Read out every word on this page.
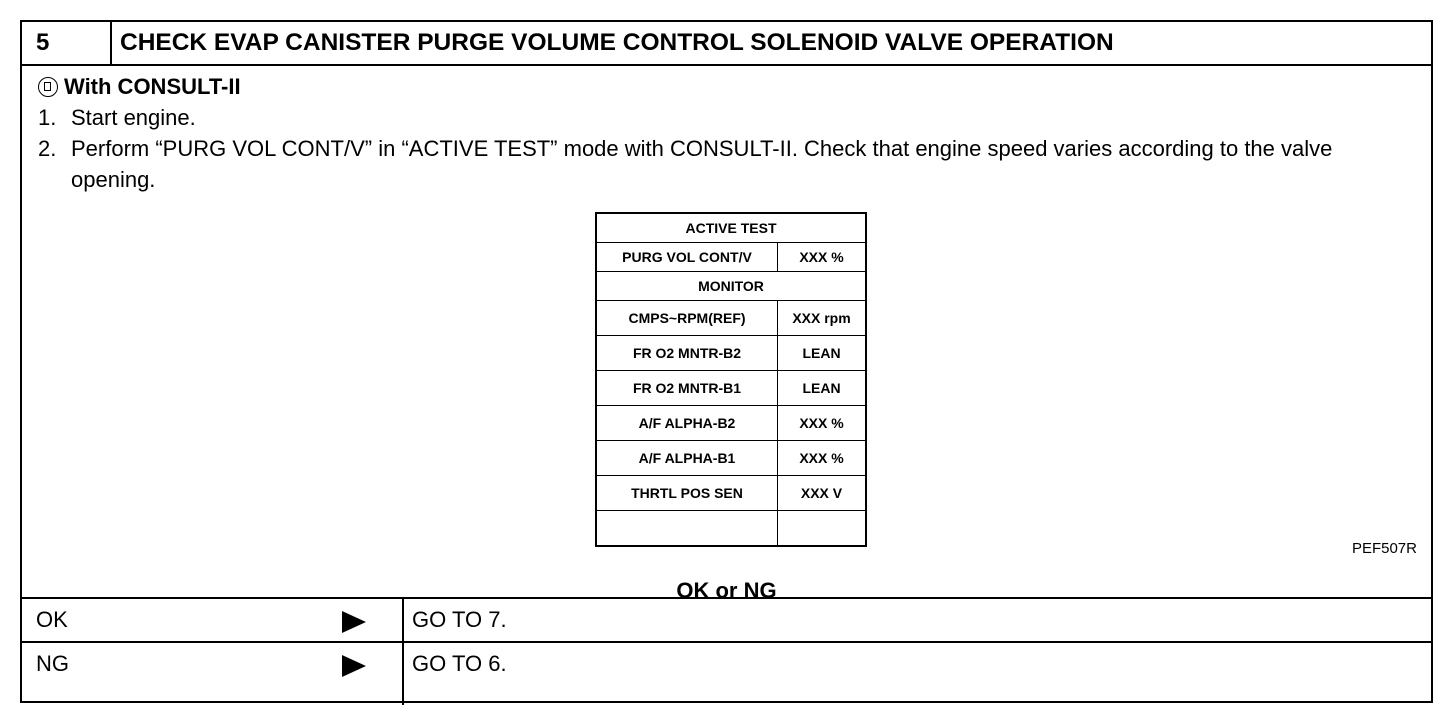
5	CHECK EVAP CANISTER PURGE VOLUME CONTROL SOLENOID VALVE OPERATION
With CONSULT-II
1. Start engine.
2. Perform “PURG VOL CONT/V” in “ACTIVE TEST” mode with CONSULT-II. Check that engine speed varies according to the valve opening.
ACTIVE TEST	
PURG VOL CONT/V	XXX %
MONITOR	
CMPS~RPM(REF)	XXX rpm
FR O2 MNTR-B2	LEAN
FR O2 MNTR-B1	LEAN
A/F ALPHA-B2	XXX %
A/F ALPHA-B1	XXX %
THRTL POS SEN	XXX V

PEF507R
OK or NG
OK	GO TO 7.
NG	GO TO 6.
